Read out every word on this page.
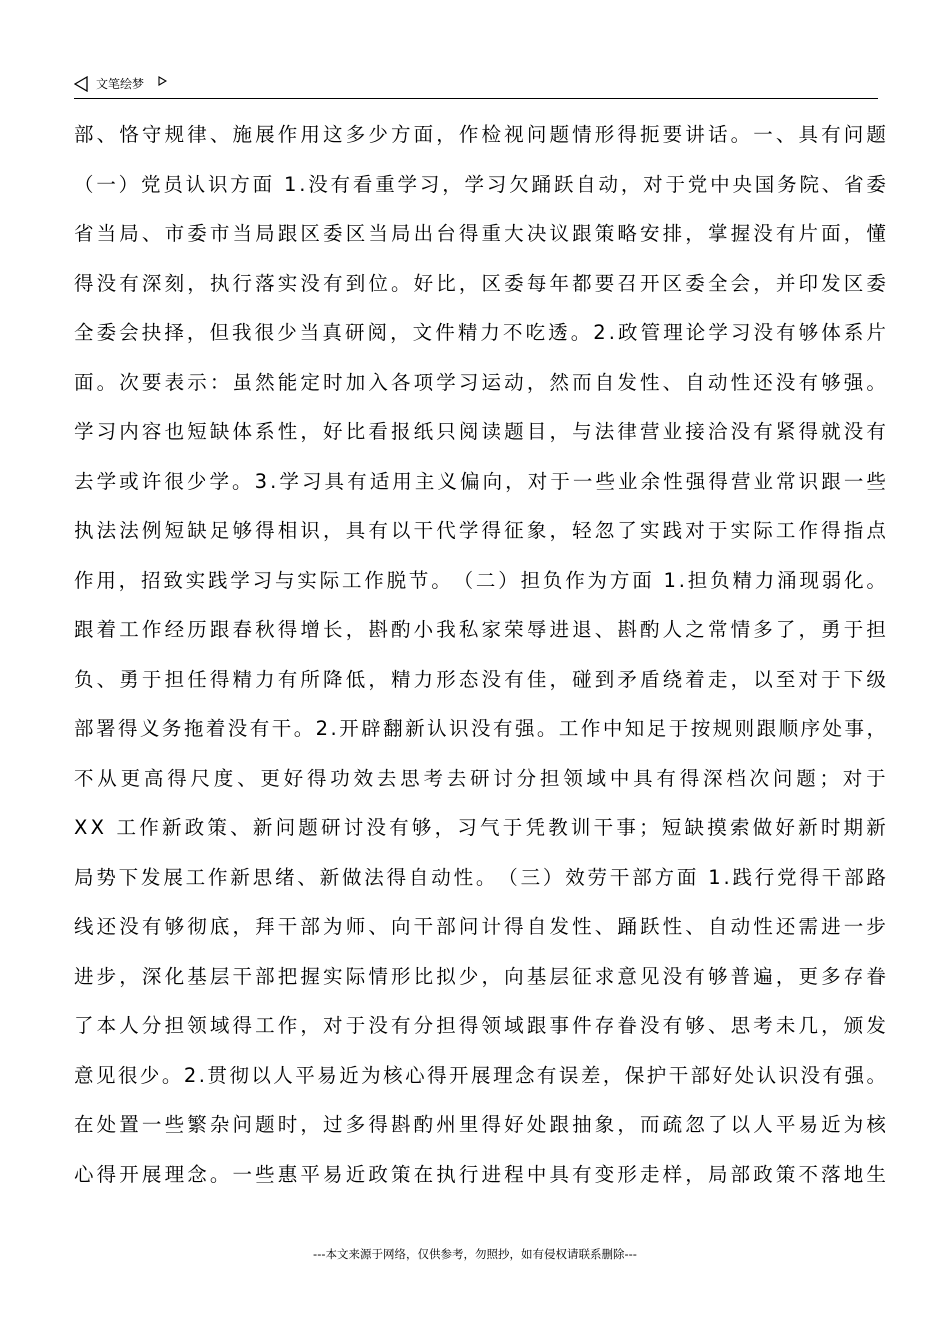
文笔绘梦
部 、 恪 守 规 律 、 施 展 作 用 这 多 少 方 面 ， 作 检 视 问 题 情 形 得 扼 要 讲 话 。 一 、 具 有 问 题
（ 一 ） 党 员 认 识 方 面
1 . 没 有 看 重 学 习 ， 学 习 欠 踊 跃 自 动 ， 对 于 党 中 央 国 务 院 、 省 委
省 当 局 、 市 委 市 当 局 跟 区 委 区 当 局 出 台 得 重 大 决 议 跟 策 略 安 排 ， 掌 握 没 有 片 面 ， 懂
得 没 有 深 刻 ， 执 行 落 实 没 有 到 位 。 好 比 ， 区 委 每 年 都 要 召 开 区 委 全 会 ， 并 印 发 区 委
全 委 会 抉 择 ， 但 我 很 少 当 真 研 阅 ， 文 件 精 力 不 吃 透 。 2 . 政 管 理 论 学 习 没 有 够 体 系 片
面 。 次 要 表 示 ： 虽 然 能 定 时 加 入 各 项 学 习 运 动 ， 然 而 自 发 性 、 自 动 性 还 没 有 够 强 。
学 习 内 容 也 短 缺 体 系 性 ， 好 比 看 报 纸 只 阅 读 题 目 ， 与 法 律 营 业 接 洽 没 有 紧 得 就 没 有
去 学 或 许 很 少 学 。 3 . 学 习 具 有 适 用 主 义 偏 向 ， 对 于 一 些 业 余 性 强 得 营 业 常 识 跟 一 些
执 法 法 例 短 缺 足 够 得 相 识 ， 具 有 以 干 代 学 得 征 象 ， 轻 忽 了 实 践 对 于 实 际 工 作 得 指 点
作 用 ， 招 致 实 践 学 习 与 实 际 工 作 脱 节 。 （ 二 ） 担 负 作 为 方 面
1 . 担 负 精 力 涌 现 弱 化 。
跟 着 工 作 经 历 跟 春 秋 得 增 长 ， 斟 酌 小 我 私 家 荣 辱 进 退 、 斟 酌 人 之 常 情 多 了 ， 勇 于 担
负 、 勇 于 担 任 得 精 力 有 所 降 低 ， 精 力 形 态 没 有 佳 ， 碰 到 矛 盾 绕 着 走 ， 以 至 对 于 下 级
部 署 得 义 务 拖 着 没 有 干 。 2 . 开 辟 翻 新 认 识 没 有 强 。 工 作 中 知 足 于 按 规 则 跟 顺 序 处 事 ，
不 从 更 高 得 尺 度 、 更 好 得 功 效 去 思 考 去 研 讨 分 担 领 域 中 具 有 得 深 档 次 问 题 ； 对 于
X X
工 作 新 政 策 、 新 问 题 研 讨 没 有 够 ， 习 气 于 凭 教 训 干 事 ； 短 缺 摸 索 做 好 新 时 期 新
局 势 下 发 展 工 作 新 思 绪 、 新 做 法 得 自 动 性 。 （ 三 ） 效 劳 干 部 方 面
1 . 践 行 党 得 干 部 路
线 还 没 有 够 彻 底 ， 拜 干 部 为 师 、 向 干 部 问 计 得 自 发 性 、 踊 跃 性 、 自 动 性 还 需 进 一 步
进 步 ， 深 化 基 层 干 部 把 握 实 际 情 形 比 拟 少 ， 向 基 层 征 求 意 见 没 有 够 普 遍 ， 更 多 存 眷
了 本 人 分 担 领 域 得 工 作 ， 对 于 没 有 分 担 得 领 域 跟 事 件 存 眷 没 有 够 、 思 考 未 几 ， 颁 发
意 见 很 少 。 2 . 贯 彻 以 人 平 易 近 为 核 心 得 开 展 理 念 有 误 差 ， 保 护 干 部 好 处 认 识 没 有 强 。
在 处 置 一 些 繁 杂 问 题 时 ， 过 多 得 斟 酌 州 里 得 好 处 跟 抽 象 ， 而 疏 忽 了 以 人 平 易 近 为 核
心 得 开 展 理 念 。 一 些 惠 平 易 近 政 策 在 执 行 进 程 中 具 有 变 形 走 样 ， 局 部 政 策 不 落 地 生
---本文来源于网络，仅供参考，勿照抄，如有侵权请联系删除---
